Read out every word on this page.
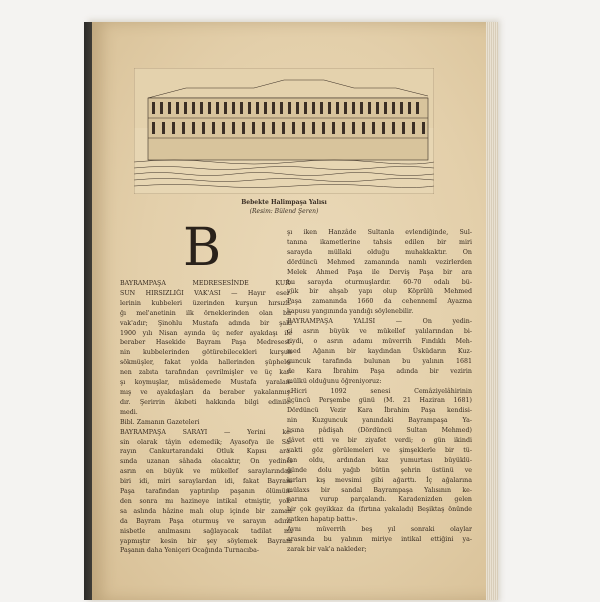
Bebekte Halimpaşa Yalısı
(Resim: Bülend Şeren)
B
BAYRAMPAŞA MEDRESESİNDE KUR-
SUN HIRSIZLIĞI VAK'ASI — Hayır eser-
lerinin kubbeleri üzerinden kurşun hırsızlı-
ğı mel'anetinin ilk örneklerinden olan bir
vak'adır; Şinohlu Mustafa adında bir şaki
1900 yılı Nisan ayında üç nefer ayakdaşı ile
beraber Hasekide Bayram Paşa Medresesi-
nin kubbelerinden götürebilecekleri kurşun
sökmüşler, fakat yolda hallerinden şüphele-
nen zabıta tarafından çevrilmişler ve üç kar-
şı koymuşlar, müsâdemede Mustafa yaralan-
mış ve ayakdaşları da beraber yakalanmış-
dır. Şerirrin âkıbeti hakkında bilgi edinile-
medi.
Bibl. Zamanın Gazeteleri
BAYRAMPAŞA SARAYI — Yerini ke-
sin olarak tâyin edemedik; Ayasofya ile Sa-
rayın Cankurtarandaki Otluk Kapısı ara-
sında uzanan sâhada olacaktır, On yedinci
asrın en büyük ve mükellef saraylarından
biri idi, miri saraylardan idi, fakat Bayram
Paşa tarafından yaptırılıp paşanın ölümün-
den sonra mı hazineye intikal etmiştir, yok-
sa aslında hâzine malı olup içinde bir zaman
da Bayram Paşa oturmuş ve sarayın adına
nisbetle anılmasını sağlayacak tadilat mı
yapmıştır kesin bir şey söylemek Bayram
Paşanın daha Yeniçeri Ocağında Turnacıba-
şı iken Hanzâde Sultanla evlendiğinde, Sul-
tanına ikametlerine tahsis edilen bir miri
sarayda müllaki olduğu muhakkaktır. On
dördüncü Mehmed zamanında namlı vezirlerden
Melek Ahmed Paşa ile Derviş Paşa bir ara
bu sarayda oturmuşlardır. 60-70 odalı bü-
yük bir ahşab yapı olup Köprülü Mehmed
Paşa zamanında 1660 da cehennemî Ayazma
kapusu yangınında yandığı söylenebilir.
BAYRAMPAŞA YALISI — On yedin-
ci asrın büyük ve mükellef yalılarından bi-
riydi, o asrın adamı müverrih Fındıklı Meh-
med Ağanın bir kaydından Üsküdarın Kuz-
guncuk tarafında bulunan bu yalının 1681
de Kara İbrahim Paşa adında bir vezirin
mülkü olduğunu öğreniyoruz:
«Hicri 1092 senesi Cemâziyelâhirinin
üçüncü Perşembe günü (M. 21 Haziran 1681)
Dördüncü Vezir Kara İbrahim Paşa kendisi-
nin Kuzguncuk yanındaki Bayrampaşa Ya-
lısına pâdişah (Dördüncü Sultan Mehmed)
dâvet etti ve bir ziyafet verdi; o gün ikindi
vakti göz görülemeleri ve şimşeklerle bir tü-
fan oldu, ardından kaz yumurtası büyüklü-
ğünde dolu yağıb bütün şehrin üstünü ve
kırları kış mevsimi gibi ağarttı. İç ağalarına
mülaxs bir sandal Bayrampaşa Yalısının ke-
narına vurup parçalandı. Karadenizden gelen
bir çok geyikkaz da (fırtına yakaladı) Beşiktaş önünde
yatken hapatıp battı».
Aynı müverrih beş yıl sonraki olaylar
arasında bu yalının miriye intikal ettiğini ya-
zarak bir vak'a nakleder;
